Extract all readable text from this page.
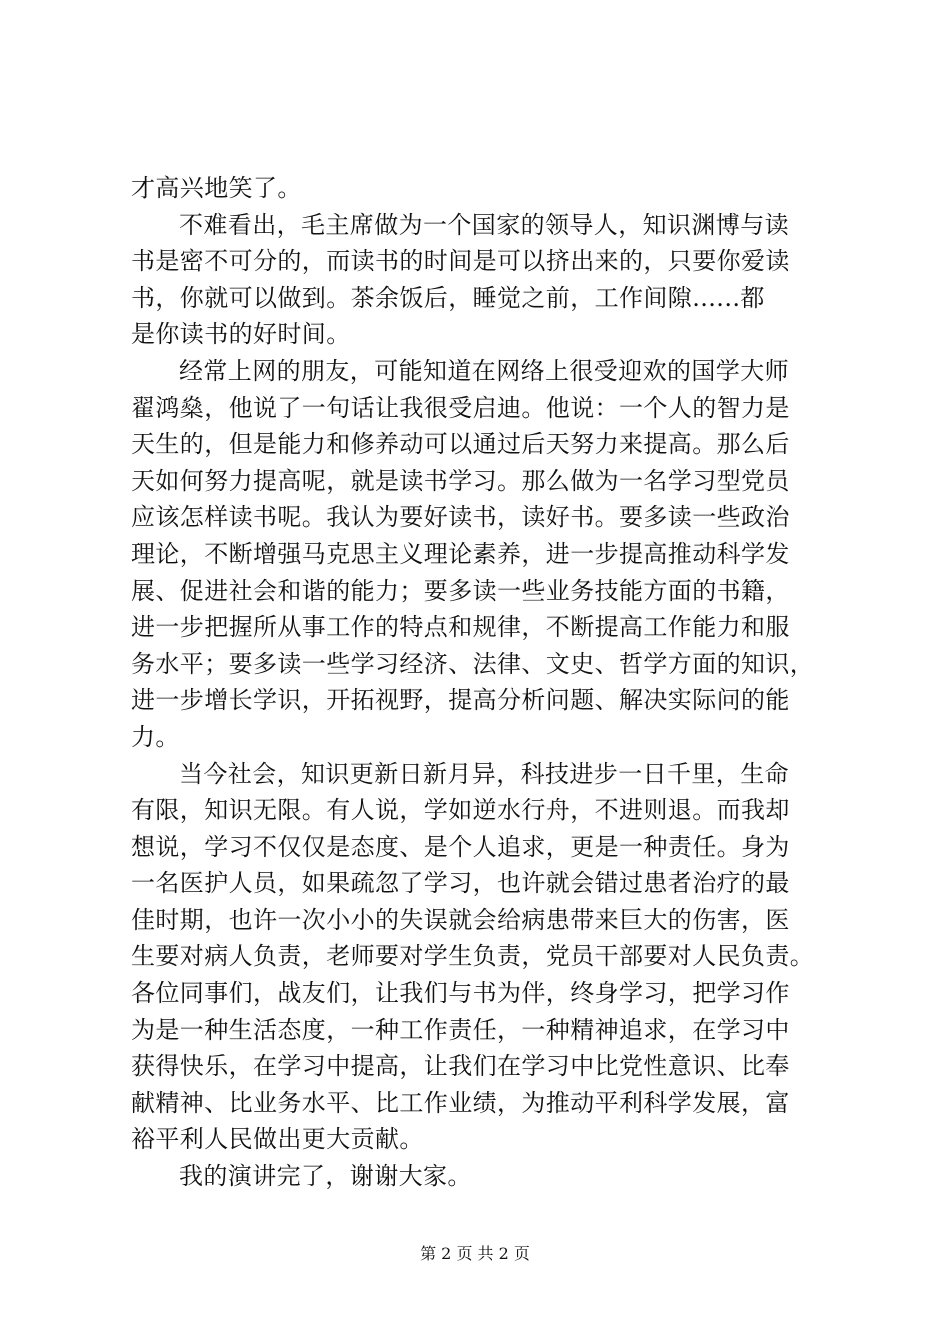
才高兴地笑了。
不难看出，毛主席做为一个国家的领导人，知识渊博与读
书是密不可分的，而读书的时间是可以挤出来的，只要你爱读
书，你就可以做到。茶余饭后，睡觉之前，工作间隙......都
是你读书的好时间。
经常上网的朋友，可能知道在网络上很受迎欢的国学大师
翟鸿燊，他说了一句话让我很受启迪。他说：一个人的智力是
天生的，但是能力和修养动可以通过后天努力来提高。那么后
天如何努力提高呢，就是读书学习。那么做为一名学习型党员
应该怎样读书呢。我认为要好读书，读好书。要多读一些政治
理论，不断增强马克思主义理论素养，进一步提高推动科学发
展、促进社会和谐的能力；要多读一些业务技能方面的书籍，
进一步把握所从事工作的特点和规律，不断提高工作能力和服
务水平；要多读一些学习经济、法律、文史、哲学方面的知识，
进一步增长学识，开拓视野，提高分析问题、解决实际问的能
力。
当今社会，知识更新日新月异，科技进步一日千里，生命
有限，知识无限。有人说，学如逆水行舟，不进则退。而我却
想说，学习不仅仅是态度、是个人追求，更是一种责任。身为
一名医护人员，如果疏忽了学习，也许就会错过患者治疗的最
佳时期，也许一次小小的失误就会给病患带来巨大的伤害，医
生要对病人负责，老师要对学生负责，党员干部要对人民负责。
各位同事们，战友们，让我们与书为伴，终身学习，把学习作
为是一种生活态度，一种工作责任，一种精神追求，在学习中
获得快乐，在学习中提高，让我们在学习中比党性意识、比奉
献精神、比业务水平、比工作业绩，为推动平利科学发展，富
裕平利人民做出更大贡献。
我的演讲完了，谢谢大家。
第 2 页 共 2 页
